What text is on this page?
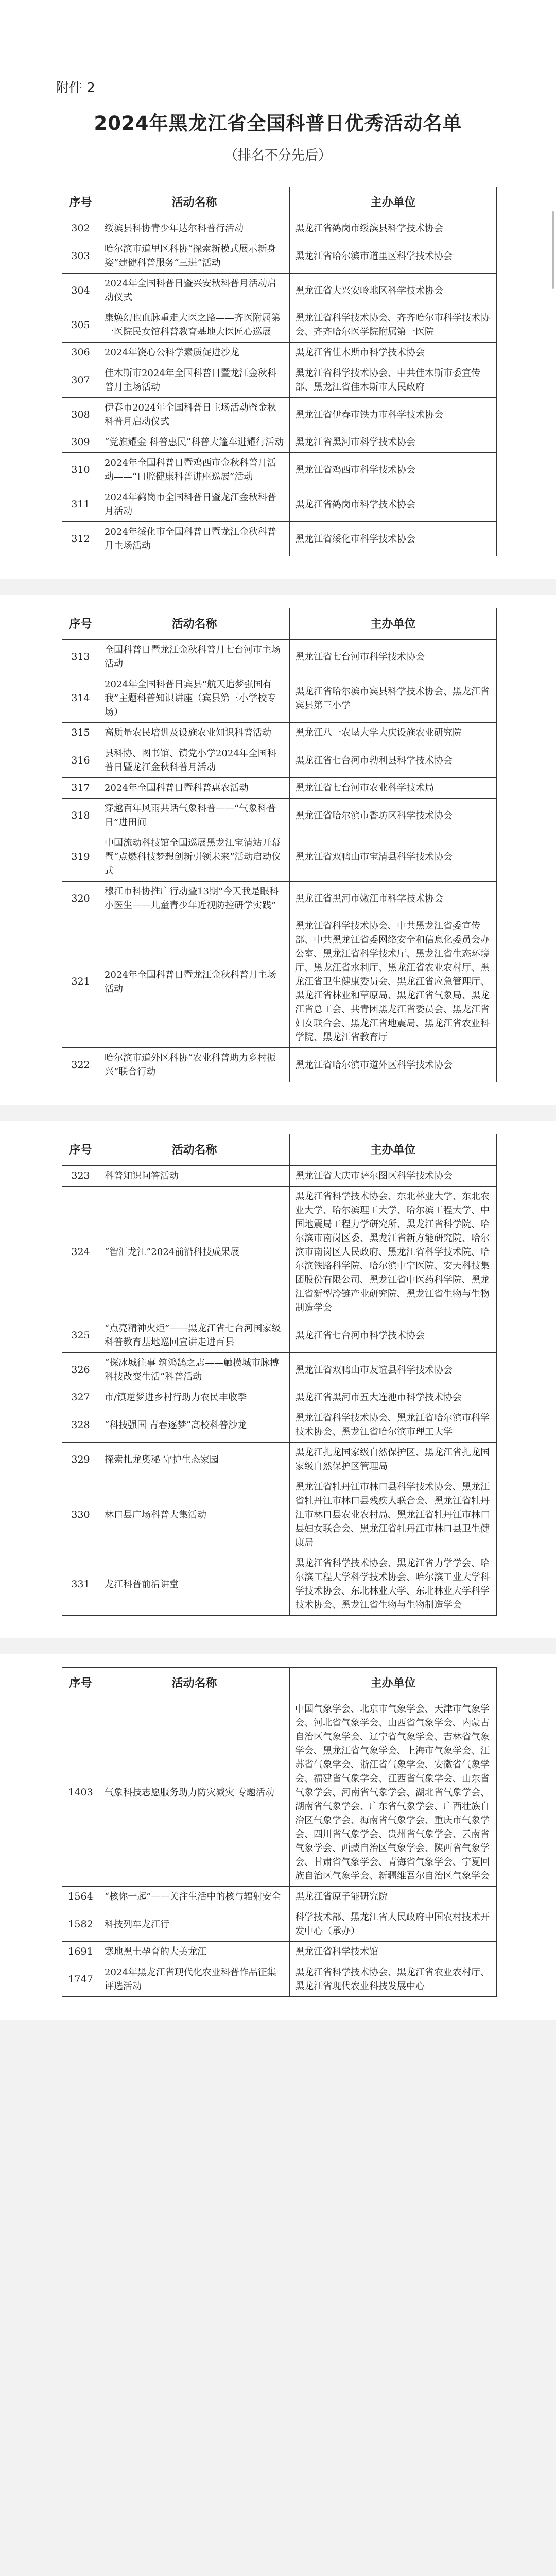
附件 2
2024年黑龙江省全国科普日优秀活动名单
（排名不分先后）
序号	活动名称	主办单位
302	绥滨县科协青少年达尔科普行活动	黑龙江省鹤岗市绥滨县科学技术协会
303	哈尔滨市道里区科协“探索新模式展示新身姿”建健科普服务“三进”活动	黑龙江省哈尔滨市道里区科学技术协会
304	2024年全国科普日暨兴安秋科普月活动启动仪式	黑龙江省大兴安岭地区科学技术协会
305	康焕幻也血脉重走大医之路——齐医附属第一医院民女馆科普教育基地大医匠心巡展	黑龙江省科学技术协会、齐齐哈尔市科学技术协会、齐齐哈尔医学院附属第一医院
306	2024年饶心公科学素质促进沙龙	黑龙江省佳木斯市科学技术协会
307	佳木斯市2024年全国科普日暨龙江金秋科普月主场活动	黑龙江省科学技术协会、中共佳木斯市委宣传部、黑龙江省佳木斯市人民政府
308	伊春市2024年全国科普日主场活动暨金秋科普月启动仪式	黑龙江省伊春市铁力市科学技术协会
309	“党旗耀金 科普惠民”科普大篷车进耀行活动	黑龙江省黑河市科学技术协会
310	2024年全国科普日暨鸡西市金秋科普月活动——“口腔健康科普讲座巡展”活动	黑龙江省鸡西市科学技术协会
311	2024年鹤岗市全国科普日暨龙江金秋科普月活动	黑龙江省鹤岗市科学技术协会
312	2024年绥化市全国科普日暨龙江金秋科普月主场活动	黑龙江省绥化市科学技术协会
序号	活动名称	主办单位
313	全国科普日暨龙江金秋科普月七台河市主场活动	黑龙江省七台河市科学技术协会
314	2024年全国科普日宾县“航天追梦强国有我”主题科普知识讲座（宾县第三小学校专场）	黑龙江省哈尔滨市宾县科学技术协会、黑龙江省宾县第三小学
315	高质量农民培训及设施农业知识科普活动	黑龙江八一农垦大学大庆设施农业研究院
316	县科协、图书馆、镇党小学2024年全国科普日暨龙江金秋科普月活动	黑龙江省七台河市勃利县科学技术协会
317	2024年全国科普日暨科普惠农活动	黑龙江省七台河市农业科学技术局
318	穿越百年风雨共话气象科普——“气象科普日”进田间	黑龙江省哈尔滨市香坊区科学技术协会
319	中国流动科技馆全国巡展黑龙江宝清站开幕暨“点燃科技梦想创新引领未来”活动启动仪式	黑龙江省双鸭山市宝清县科学技术协会
320	穆江市科协推广行动暨13期“今天我是眼科小医生——儿童青少年近视防控研学实践”	黑龙江省黑河市嫩江市科学技术协会
321	2024年全国科普日暨龙江金秋科普月主场活动	黑龙江省科学技术协会、中共黑龙江省委宣传部、中共黑龙江省委网络安全和信息化委员会办公室、黑龙江省科学技术厅、黑龙江省生态环境厅、黑龙江省水利厅、黑龙江省农业农村厅、黑龙江省卫生健康委员会、黑龙江省应急管理厅、黑龙江省林业和草原局、黑龙江省气象局、黑龙江省总工会、共青团黑龙江省委员会、黑龙江省妇女联合会、黑龙江省地震局、黑龙江省农业科学院、黑龙江省教育厅
322	哈尔滨市道外区科协“农业科普助力乡村振兴”联合行动	黑龙江省哈尔滨市道外区科学技术协会
序号	活动名称	主办单位
323	科普知识问答活动	黑龙江省大庆市萨尔图区科学技术协会
324	“智汇龙江”2024前沿科技成果展	黑龙江省科学技术协会、东北林业大学、东北农业大学、哈尔滨理工大学、哈尔滨工程大学、中国地震局工程力学研究所、黑龙江省科学院、哈尔滨市南岗区委、黑龙江省新方能研究院、哈尔滨市南岗区人民政府、黑龙江省科学技术院、哈尔滨铁路科学院、哈尔滨中宁医院、安天科技集团股份有限公司、黑龙江省中医药科学院、黑龙江省新型冷链产业研究院、黑龙江省生物与生物制造学会
325	“点亮精神火炬”——黑龙江省七台河国家级科普教育基地巡回宣讲走进百县	黑龙江省七台河市科学技术协会
326	“探冰城往事 筑鸿鹄之志——触摸城市脉搏 科技改变生活”科普活动	黑龙江省双鸭山市友谊县科学技术协会
327	市/镇逆梦进乡村行助力农民丰收季	黑龙江省黑河市五大连池市科学技术协会
328	“科技强国 青春逐梦”高校科普沙龙	黑龙江省科学技术协会、黑龙江省哈尔滨市科学技术协会、黑龙江省哈尔滨市理工大学
329	探索扎龙奥秘 守护生态家园	黑龙江扎龙国家级自然保护区、黑龙江省扎龙国家级自然保护区管理局
330	林口县广场科普大集活动	黑龙江省牡丹江市林口县科学技术协会、黑龙江省牡丹江市林口县残疾人联合会、黑龙江省牡丹江市林口县农业农村局、黑龙江省牡丹江市林口县妇女联合会、黑龙江省牡丹江市林口县卫生健康局
331	龙江科普前沿讲堂	黑龙江省科学技术协会、黑龙江省力学学会、哈尔滨工程大学科学技术协会、哈尔滨工业大学科学技术协会、东北林业大学、东北林业大学科学技术协会、黑龙江省生物与生物制造学会
序号	活动名称	主办单位
1403	气象科技志愿服务助力防灾减灾 专题活动	中国气象学会、北京市气象学会、天津市气象学会、河北省气象学会、山西省气象学会、内蒙古自治区气象学会、辽宁省气象学会、吉林省气象学会、黑龙江省气象学会、上海市气象学会、江苏省气象学会、浙江省气象学会、安徽省气象学会、福建省气象学会、江西省气象学会、山东省气象学会、河南省气象学会、湖北省气象学会、湖南省气象学会、广东省气象学会、广西壮族自治区气象学会、海南省气象学会、重庆市气象学会、四川省气象学会、贵州省气象学会、云南省气象学会、西藏自治区气象学会、陕西省气象学会、甘肃省气象学会、青海省气象学会、宁夏回族自治区气象学会、新疆维吾尔自治区气象学会
1564	“核你一起”——关注生活中的核与辐射安全	黑龙江省原子能研究院
1582	科技列车龙江行	科学技术部、黑龙江省人民政府中国农村技术开发中心（承办）
1691	寒地黑土孕育的大美龙江	黑龙江省科学技术馆
1747	2024年黑龙江省现代化农业科普作品征集评选活动	黑龙江省科学技术协会、黑龙江省农业农村厅、黑龙江省现代农业科技发展中心
